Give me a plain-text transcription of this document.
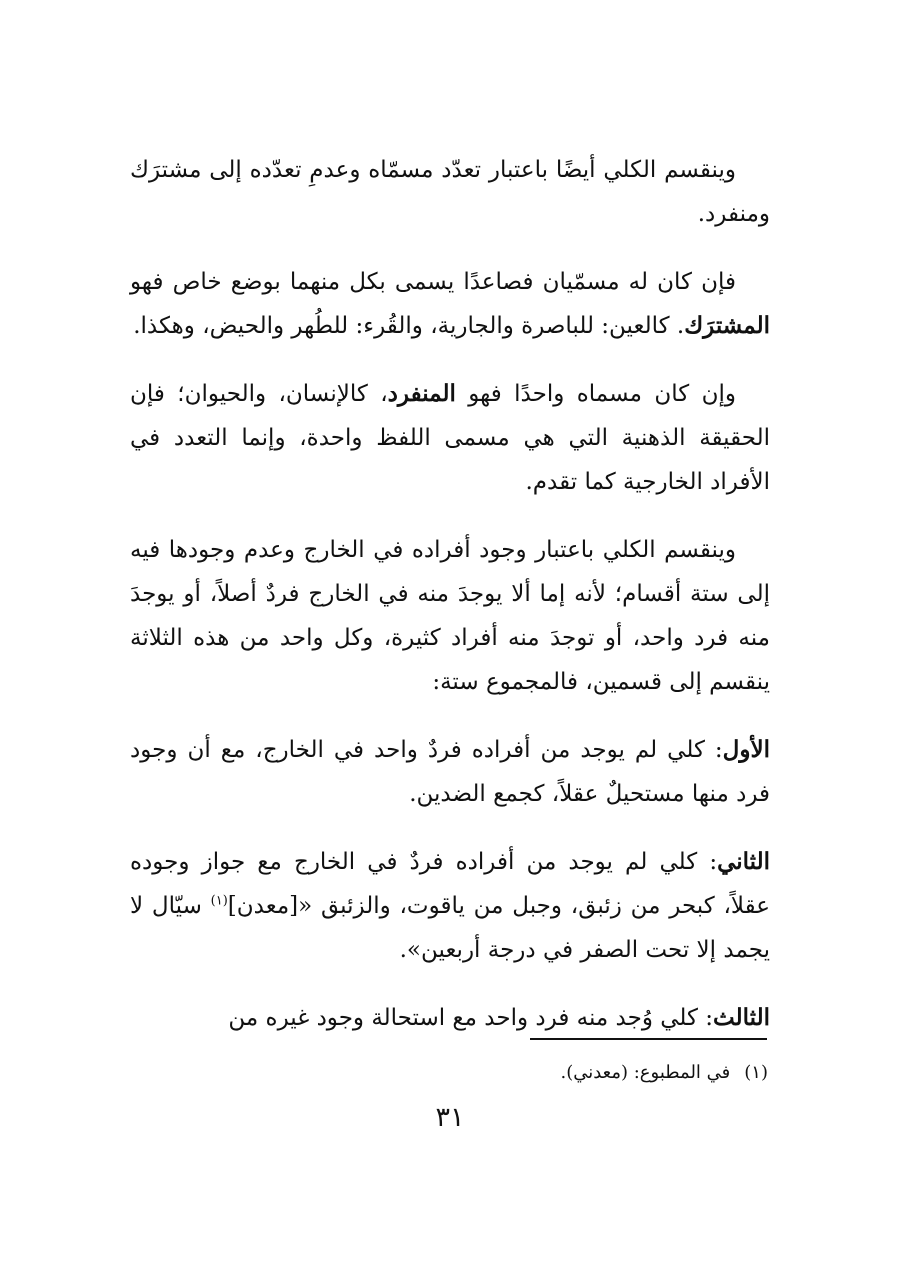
وينقسم الكلي أيضًا باعتبار تعدّد مسمّاه وعدمِ تعدّده إلى مشترَك ومنفرد.

فإن كان له مسمّيان فصاعدًا يسمى بكل منهما بوضع خاص فهو المشترَك. كالعين: للباصرة والجارية، والقُرء: للطُهر والحيض، وهكذا.

وإن كان مسماه واحدًا فهو المنفرد، كالإنسان، والحيوان؛ فإن الحقيقة الذهنية التي هي مسمى اللفظ واحدة، وإنما التعدد في الأفراد الخارجية كما تقدم.

وينقسم الكلي باعتبار وجود أفراده في الخارج وعدم وجودها فيه إلى ستة أقسام؛ لأنه إما ألا يوجدَ منه في الخارج فردٌ أصلاً، أو يوجدَ منه فرد واحد، أو توجدَ منه أفراد كثيرة، وكل واحد من هذه الثلاثة ينقسم إلى قسمين، فالمجموع ستة:

الأول: كلي لم يوجد من أفراده فردٌ واحد في الخارج، مع أن وجود فرد منها مستحيلٌ عقلاً، كجمع الضدين.

الثاني: كلي لم يوجد من أفراده فردٌ في الخارج مع جواز وجوده عقلاً، كبحر من زئبق، وجبل من ياقوت، والزئبق «[معدن]$^{(١)}$ سيّال لا يجمد إلا تحت الصفر في درجة أربعين».

الثالث: كلي وُجد منه فرد واحد مع استحالة وجود غيره من

(١)في المطبوع: (معدني).
٣١
